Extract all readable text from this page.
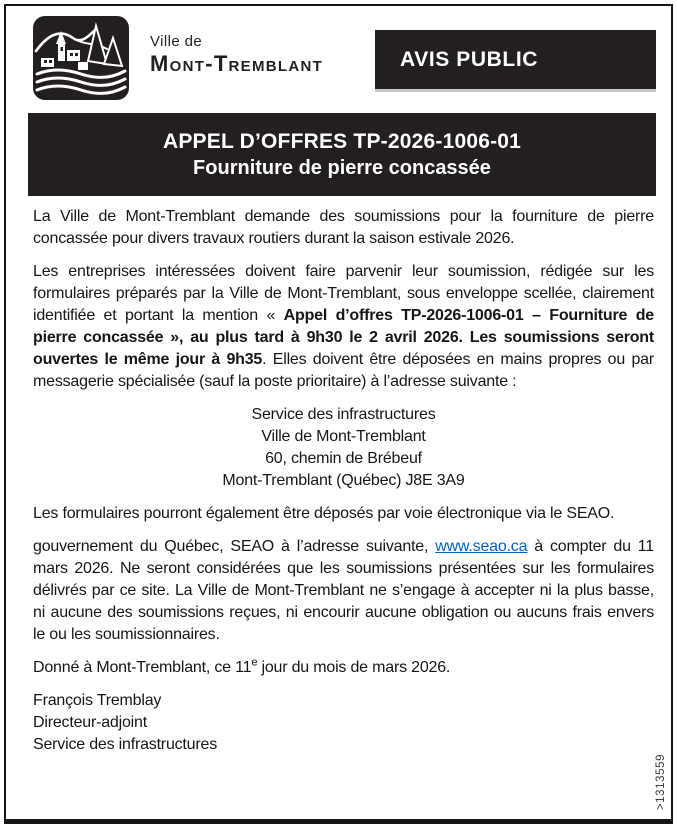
Ville de
Mont-Tremblant	AVIS PUBLIC
APPEL D’OFFRES TP-2026-1006-01
Fourniture de pierre concassée

La Ville de Mont-Tremblant demande des soumissions pour la fourniture de pierre concassée pour divers travaux routiers durant la saison estivale 2026.

Les entreprises intéressées doivent faire parvenir leur soumission, rédigée sur les formulaires préparés par la Ville de Mont-Tremblant, sous enveloppe scellée, clairement identifiée et portant la mention « Appel d’offres TP-2026-1006-01 – Fourniture de pierre concassée », au plus tard à 9h30 le 2 avril 2026. Les soumissions seront ouvertes le même jour à 9h35. Elles doivent être déposées en mains propres ou par messagerie spécialisée (sauf la poste prioritaire) à l’adresse suivante :

Service des infrastructures
Ville de Mont-Tremblant
60, chemin de Brébeuf
Mont-Tremblant (Québec) J8E 3A9

Les formulaires pourront également être déposés par voie électronique via le SEAO.

gouvernement du Québec, SEAO à l’adresse suivante, www.seao.ca à compter du 11 mars 2026. Ne seront considérées que les soumissions présentées sur les formulaires délivrés par ce site. La Ville de Mont-Tremblant ne s’engage à accepter ni la plus basse, ni aucune des soumissions reçues, ni encourir aucune obligation ou aucuns frais envers le ou les soumissionnaires.

Donné à Mont-Tremblant, ce 11e jour du mois de mars 2026.

François Tremblay
Directeur-adjoint
Service des infrastructures
>1313559
